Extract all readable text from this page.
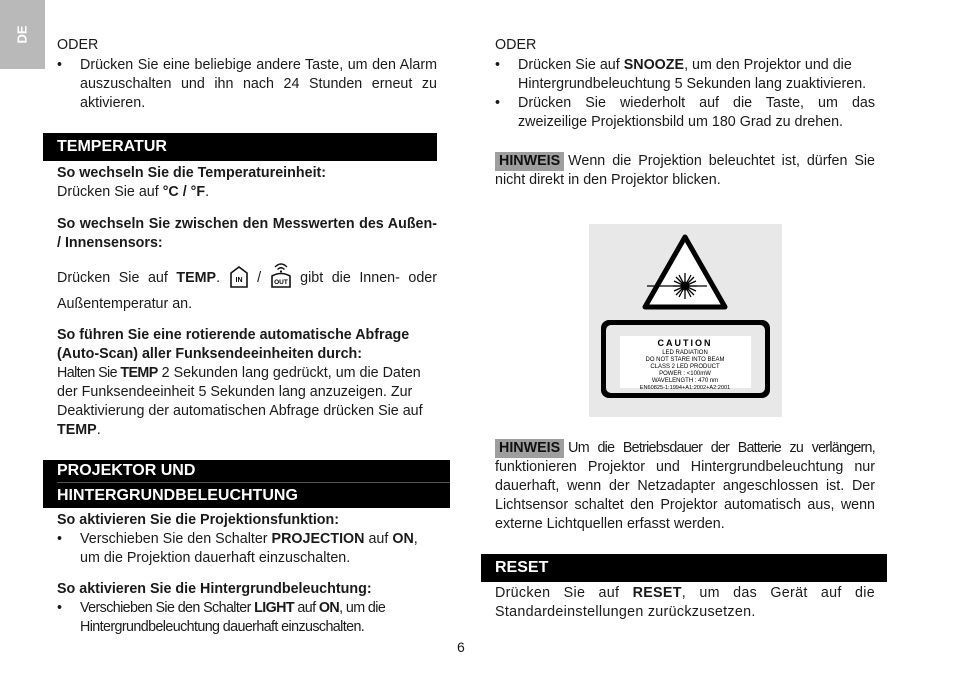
DE

ODER

• Drücken Sie eine beliebige andere Taste, um den Alarm auszuschalten und ihn nach 24 Stunden erneut zu aktivieren.
TEMPERATUR

So wechseln Sie die Temperatureinheit:

Drücken Sie auf °C / °F.

So wechseln Sie zwischen den Messwerten des Außen- / Innensensors:

Drücken Sie auf TEMP. IN / OUT gibt die Innen- oder Außentemperatur an.

So führen Sie eine rotierende automatische Abfrage (Auto-Scan) aller Funksendeeinheiten durch:

Halten Sie TEMP 2 Sekunden lang gedrückt, um die Daten der Funksendeeinheit 5 Sekunden lang anzuzeigen. Zur Deaktivierung der automatischen Abfrage drücken Sie auf TEMP.

PROJEKTOR UND
HINTERGRUNDBELEUCHTUNG

So aktivieren Sie die Projektionsfunktion:

• Verschieben Sie den Schalter PROJECTION auf ON, um die Projektion dauerhaft einzuschalten.

So aktivieren Sie die Hintergrundbeleuchtung:

• Verschieben Sie den Schalter LIGHT auf ON, um die Hintergrundbeleuchtung dauerhaft einzuschalten.

ODER

• Drücken Sie auf SNOOZE, um den Projektor und die Hintergrundbeleuchtung 5 Sekunden lang zuaktivieren.
• Drücken Sie wiederholt auf die Taste, um das zweizeilige Projektionsbild um 180 Grad zu drehen.

HINWEIS Wenn die Projektion beleuchtet ist, dürfen Sie nicht direkt in den Projektor blicken.

CAUTION
LED RADIATION
DO NOT STARE INTO BEAM
CLASS 2 LED PRODUCT
POWER : <100mW
WAVELENGTH : 470 nm
EN60825-1:1994+A1:2002+A2:2001

HINWEIS Um die Betriebsdauer der Batterie zu verlängern, funktionieren Projektor und Hintergrundbeleuchtung nur dauerhaft, wenn der Netzadapter angeschlossen ist. Der Lichtsensor schaltet den Projektor automatisch aus, wenn externe Lichtquellen erfasst werden.

RESET

Drücken Sie auf RESET, um das Gerät auf die Standardeinstellungen zurückzusetzen.

6
